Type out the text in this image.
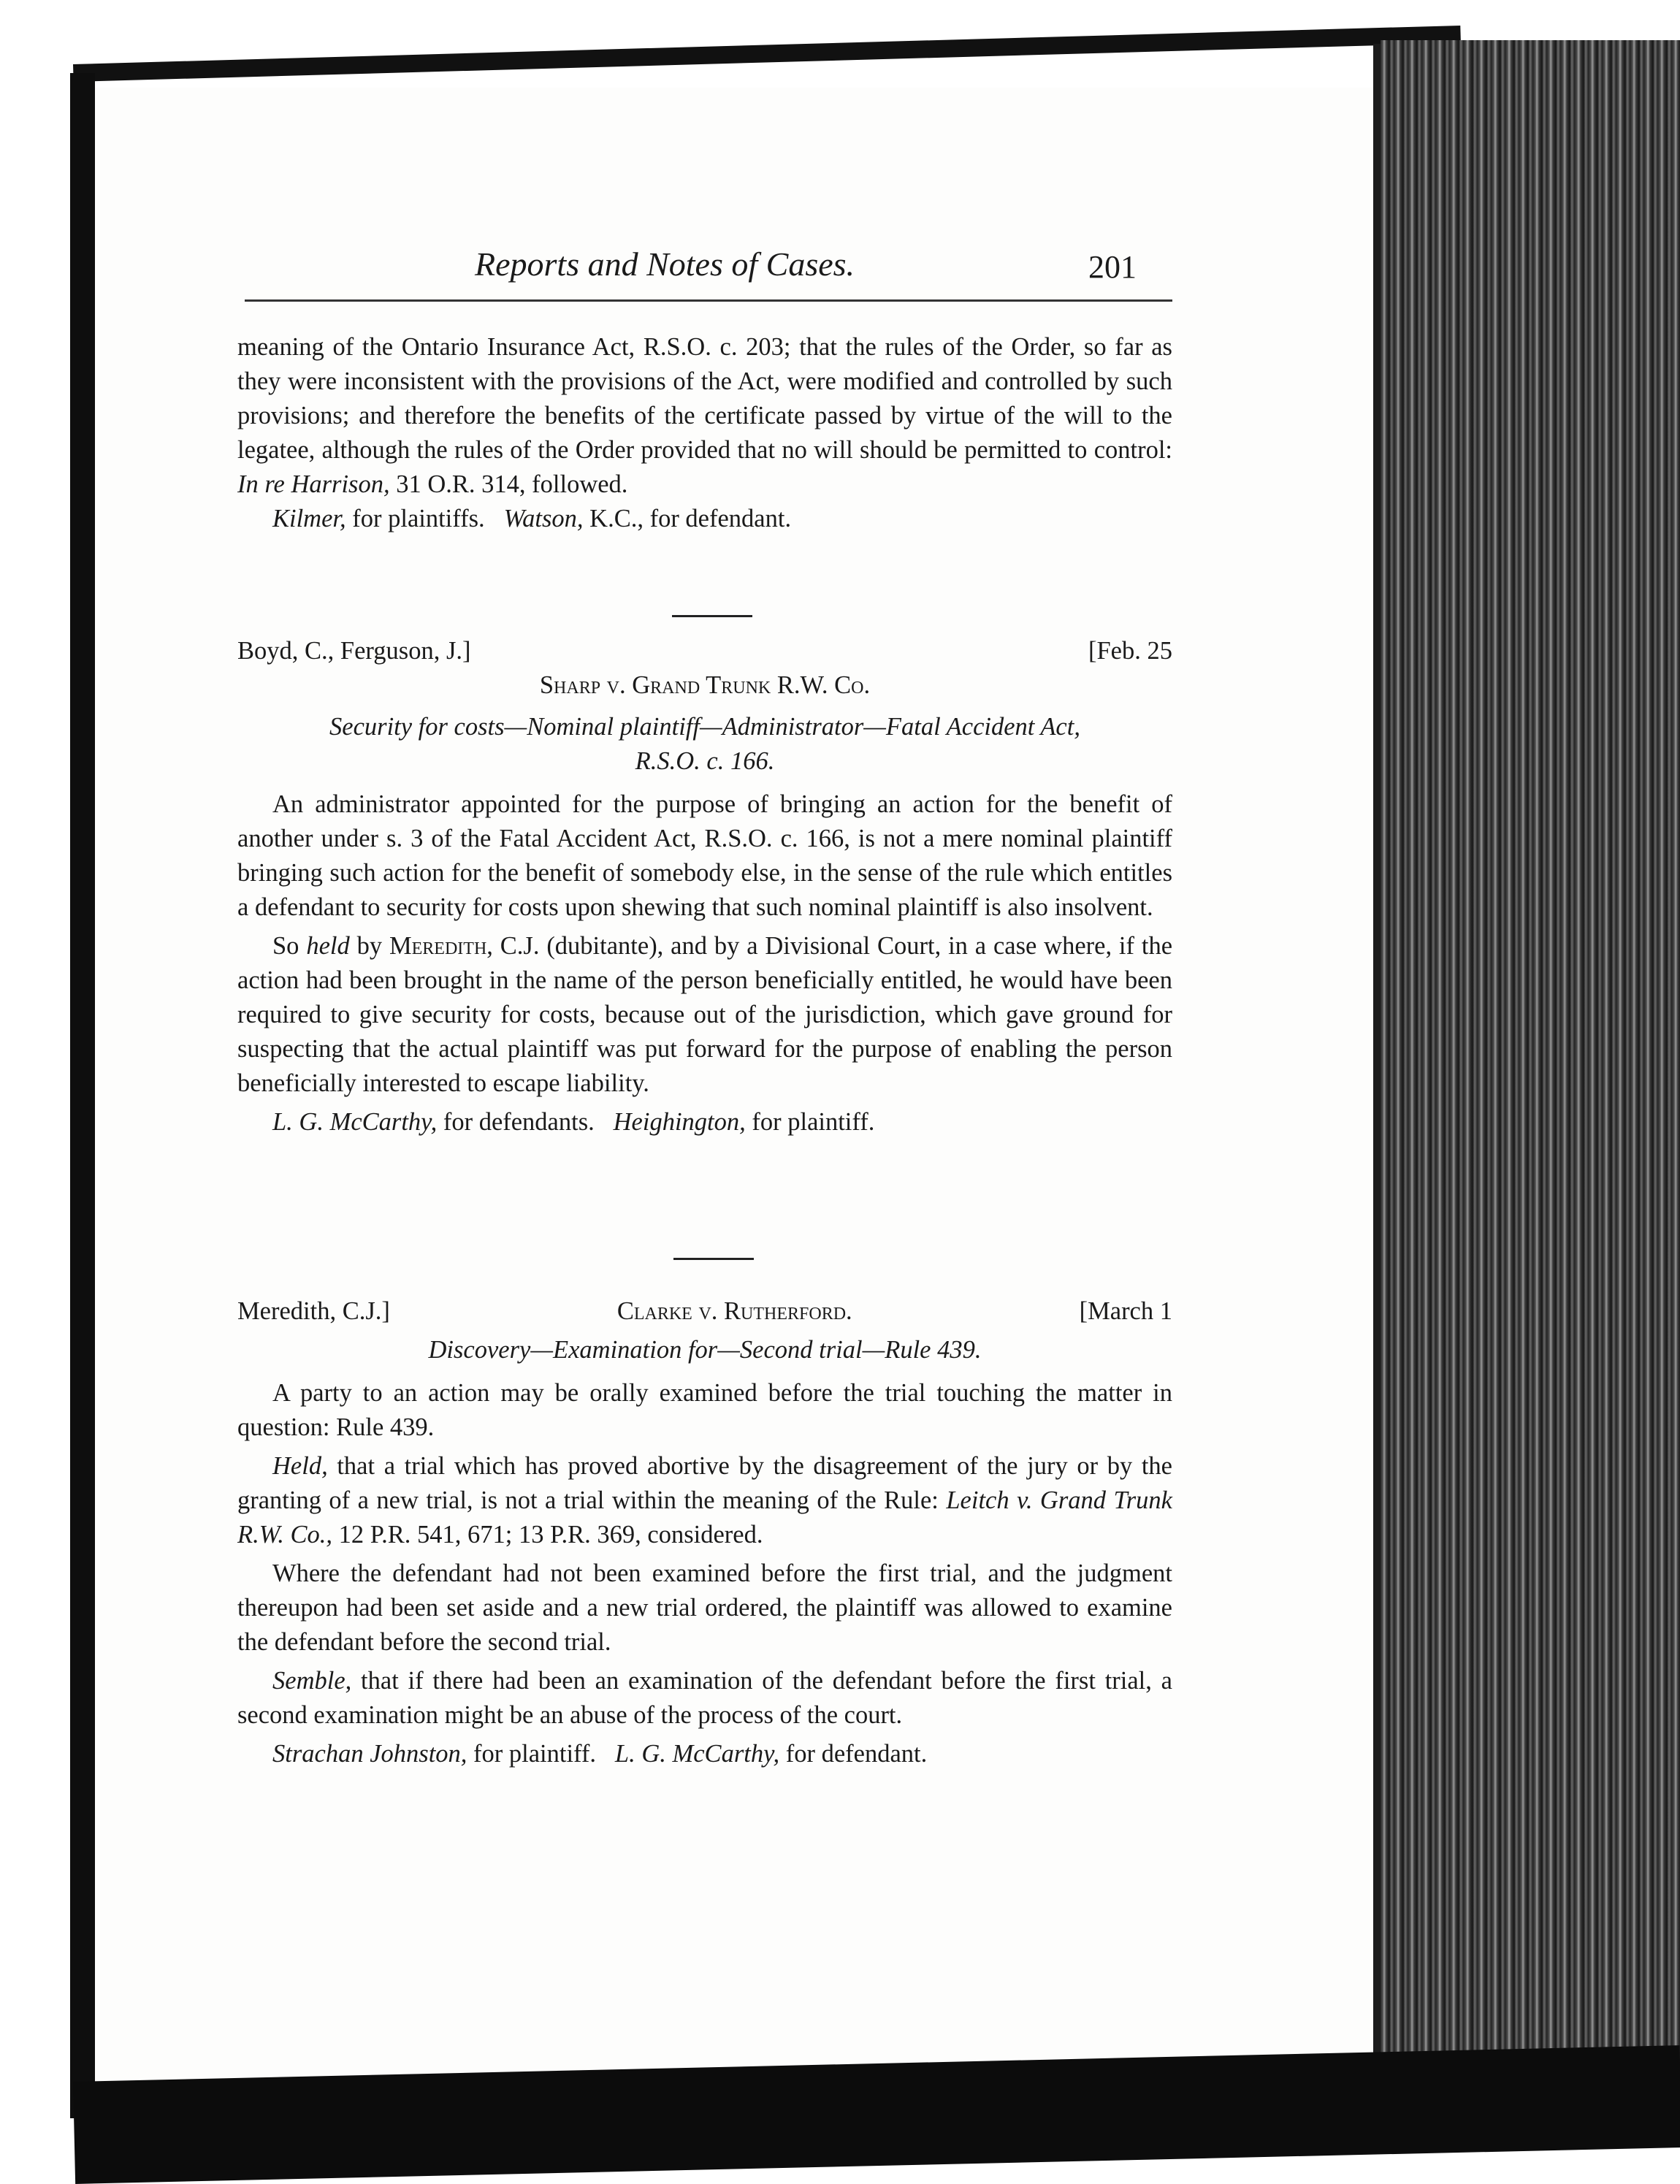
Reports and Notes of Cases.	201

meaning of the Ontario Insurance Act, R.S.O. c. 203; that the rules of the Order, so far as they were inconsistent with the provisions of the Act, were modified and controlled by such provisions; and therefore the benefits of the certificate passed by virtue of the will to the legatee, although the rules of the Order provided that no will should be permitted to control: In re Harrison, 31 O.R. 314, followed.

Kilmer, for plaintiffs. Watson, K.C., for defendant.

Boyd, C., Ferguson, J.]	[Feb. 25

Sharp v. Grand Trunk R.W. Co.

Security for costs—Nominal plaintiff—Administrator—Fatal Accident Act,

R.S.O. c. 166.

An administrator appointed for the purpose of bringing an action for the benefit of another under s. 3 of the Fatal Accident Act, R.S.O. c. 166, is not a mere nominal plaintiff bringing such action for the benefit of somebody else, in the sense of the rule which entitles a defendant to security for costs upon shewing that such nominal plaintiff is also insolvent.

So held by Meredith, C.J. (dubitante), and by a Divisional Court, in a case where, if the action had been brought in the name of the person beneficially entitled, he would have been required to give security for costs, because out of the jurisdiction, which gave ground for suspecting that the actual plaintiff was put forward for the purpose of enabling the person beneficially interested to escape liability.

L. G. McCarthy, for defendants. Heighington, for plaintiff.

Meredith, C.J.]	Clarke v. Rutherford.	[March 1

Discovery—Examination for—Second trial—Rule 439.

A party to an action may be orally examined before the trial touching the matter in question: Rule 439.

Held, that a trial which has proved abortive by the disagreement of the jury or by the granting of a new trial, is not a trial within the meaning of the Rule: Leitch v. Grand Trunk R.W. Co., 12 P.R. 541, 671; 13 P.R. 369, considered.

Where the defendant had not been examined before the first trial, and the judgment thereupon had been set aside and a new trial ordered, the plaintiff was allowed to examine the defendant before the second trial.

Semble, that if there had been an examination of the defendant before the first trial, a second examination might be an abuse of the process of the court.

Strachan Johnston, for plaintiff. L. G. McCarthy, for defendant.
